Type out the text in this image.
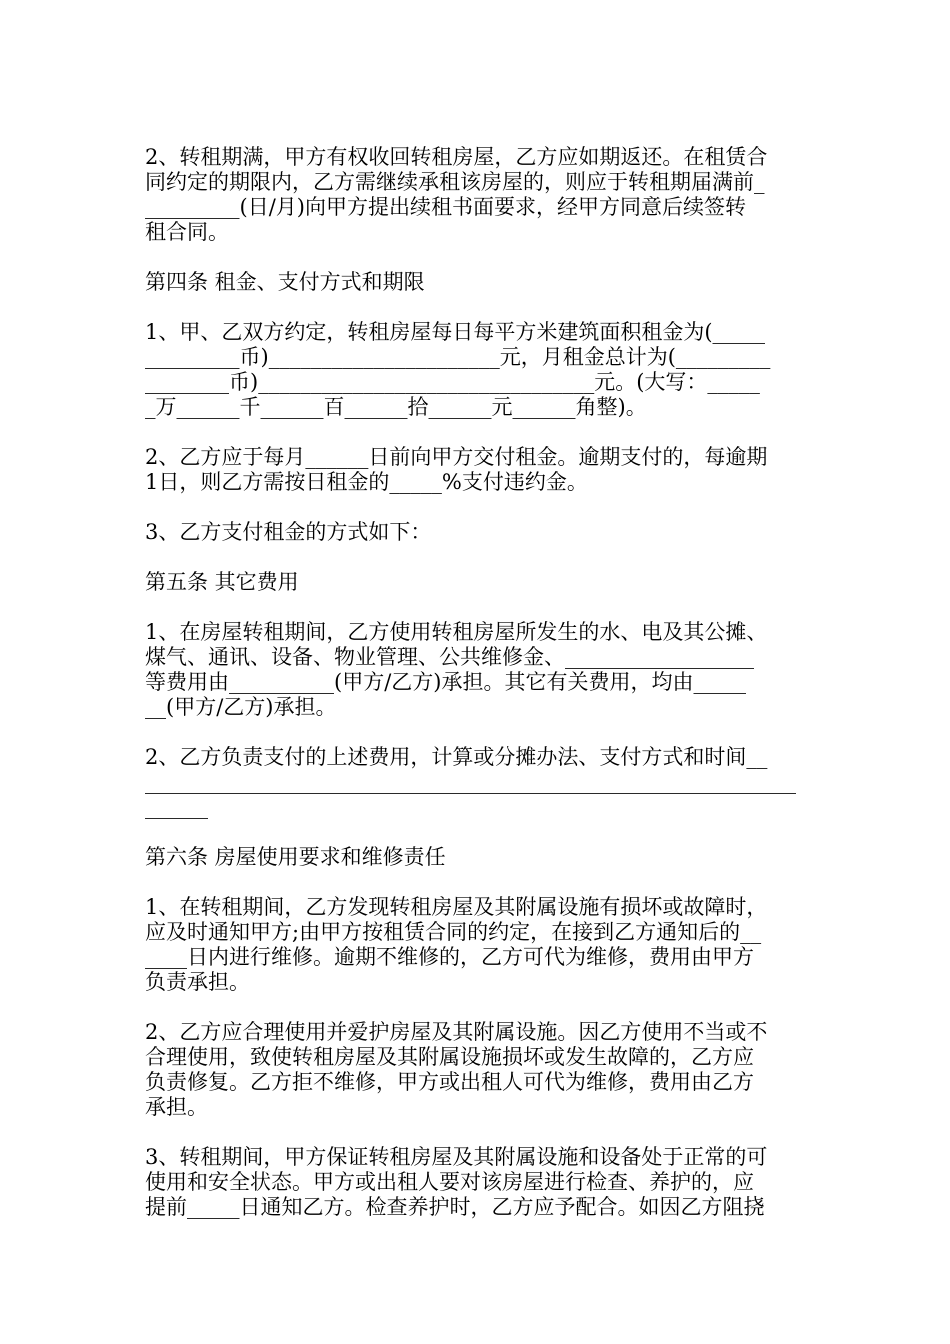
2、转租期满，甲方有权收回转租房屋，乙方应如期返还。在租赁合
同约定的期限内，乙方需继续承租该房屋的，则应于转租期届满前_
_________(日/月)向甲方提出续租书面要求，经甲方同意后续签转
租合同。
第四条 租金、支付方式和期限
1、甲、乙双方约定，转租房屋每日每平方米建筑面积租金为(_____
_________币)______________________元，月租金总计为(_________
________币)________________________________元。(大写：_____
_万______千______百______拾______元______角整)。
2、乙方应于每月______日前向甲方交付租金。逾期支付的，每逾期
1日，则乙方需按日租金的_____%支付违约金。
3、乙方支付租金的方式如下：
第五条 其它费用
1、在房屋转租期间，乙方使用转租房屋所发生的水、电及其公摊、
煤气、通讯、设备、物业管理、公共维修金、__________________
等费用由__________(甲方/乙方)承担。其它有关费用，均由_____
__(甲方/乙方)承担。
2、乙方负责支付的上述费用，计算或分摊办法、支付方式和时间__
______________________________________________________________
______
第六条 房屋使用要求和维修责任
1、在转租期间，乙方发现转租房屋及其附属设施有损坏或故障时，
应及时通知甲方;由甲方按租赁合同的约定，在接到乙方通知后的__
____日内进行维修。逾期不维修的，乙方可代为维修，费用由甲方
负责承担。
2、乙方应合理使用并爱护房屋及其附属设施。因乙方使用不当或不
合理使用，致使转租房屋及其附属设施损坏或发生故障的，乙方应
负责修复。乙方拒不维修，甲方或出租人可代为维修，费用由乙方
承担。
3、转租期间，甲方保证转租房屋及其附属设施和设备处于正常的可
使用和安全状态。甲方或出租人要对该房屋进行检查、养护的，应
提前_____日通知乙方。检查养护时，乙方应予配合。如因乙方阻挠
